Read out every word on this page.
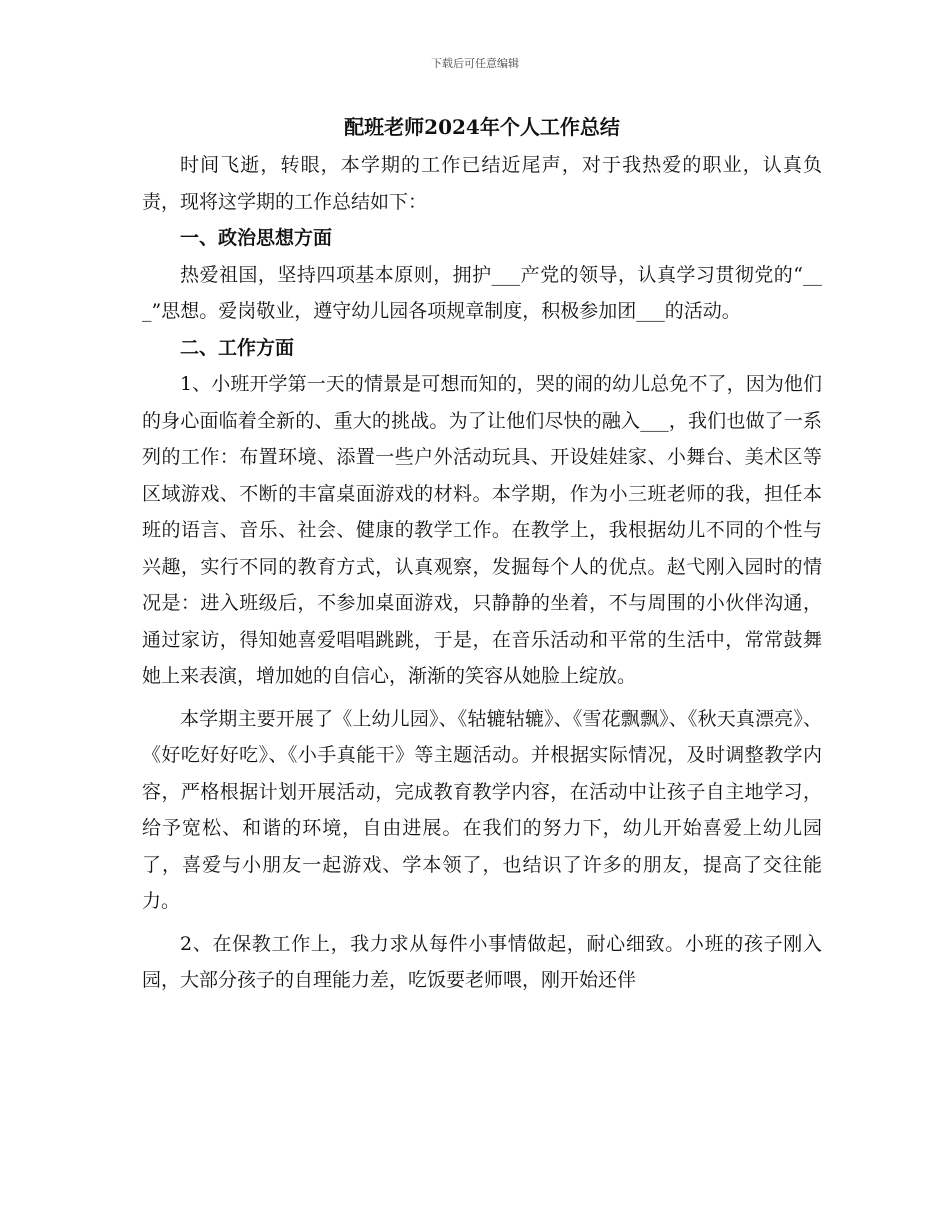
下载后可任意编辑
配班老师2024年个人工作总结

时间飞逝，转眼，本学期的工作已结近尾声，对于我热爱的职业，认真负责，现将这学期的工作总结如下：

一、政治思想方面

热爱祖国，坚持四项基本原则，拥护___产党的领导，认真学习贯彻党的“___”思想。爱岗敬业，遵守幼儿园各项规章制度，积极参加团___的活动。

二、工作方面

1、小班开学第一天的情景是可想而知的，哭的闹的幼儿总免不了，因为他们的身心面临着全新的、重大的挑战。为了让他们尽快的融入___，我们也做了一系列的工作：布置环境、添置一些户外活动玩具、开设娃娃家、小舞台、美术区等区域游戏、不断的丰富桌面游戏的材料。本学期，作为小三班老师的我，担任本班的语言、音乐、社会、健康的教学工作。在教学上，我根据幼儿不同的个性与兴趣，实行不同的教育方式，认真观察，发掘每个人的优点。赵弋刚入园时的情况是：进入班级后，不参加桌面游戏，只静静的坐着，不与周围的小伙伴沟通，通过家访，得知她喜爱唱唱跳跳，于是，在音乐活动和平常的生活中，常常鼓舞她上来表演，增加她的自信心，渐渐的笑容从她脸上绽放。

本学期主要开展了《上幼儿园》、《轱辘轱辘》、《雪花飘飘》、《秋天真漂亮》、《好吃好好吃》、《小手真能干》等主题活动。并根据实际情况，及时调整教学内容，严格根据计划开展活动，完成教育教学内容，在活动中让孩子自主地学习，给予宽松、和谐的环境，自由进展。在我们的努力下，幼儿开始喜爱上幼儿园了，喜爱与小朋友一起游戏、学本领了，也结识了许多的朋友，提高了交往能力。

2、在保教工作上，我力求从每件小事情做起，耐心细致。小班的孩子刚入园，大部分孩子的自理能力差，吃饭要老师喂，刚开始还伴
